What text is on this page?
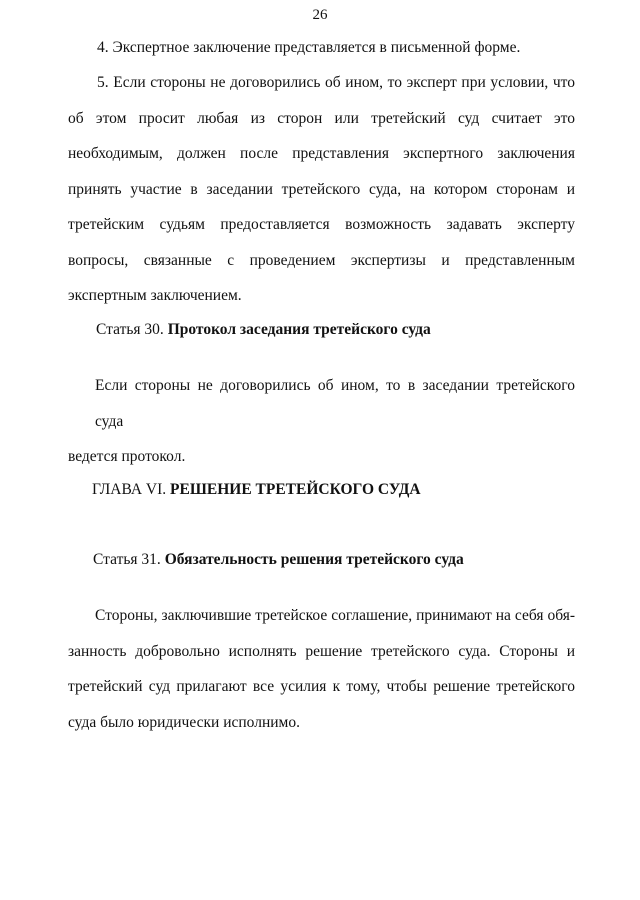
26
4. Экспертное заключение представляется в письменной форме.
5. Если стороны не договорились об ином, то эксперт при условии, что
об этом просит любая из сторон или третейский суд считает это необходимым, должен после представления экспертного заключения принять участие в заседании третейского суда, на котором сторонам и третейским судьям предоставляется возможность задавать эксперту вопросы, связанные с проведением экспертизы и представленным экспертным заключением.
Статья 30. Протокол заседания третейского суда
Если стороны не договорились об ином, то в заседании третейского суда
ведется протокол.
ГЛАВА VI. РЕШЕНИЕ ТРЕТЕЙСКОГО СУДА
Статья 31. Обязательность решения третейского суда
Стороны, заключившие третейское соглашение, принимают на себя обя-
занность добровольно исполнять решение третейского суда. Стороны и третейский суд прилагают все усилия к тому, чтобы решение третейского суда было юридически исполнимо.
